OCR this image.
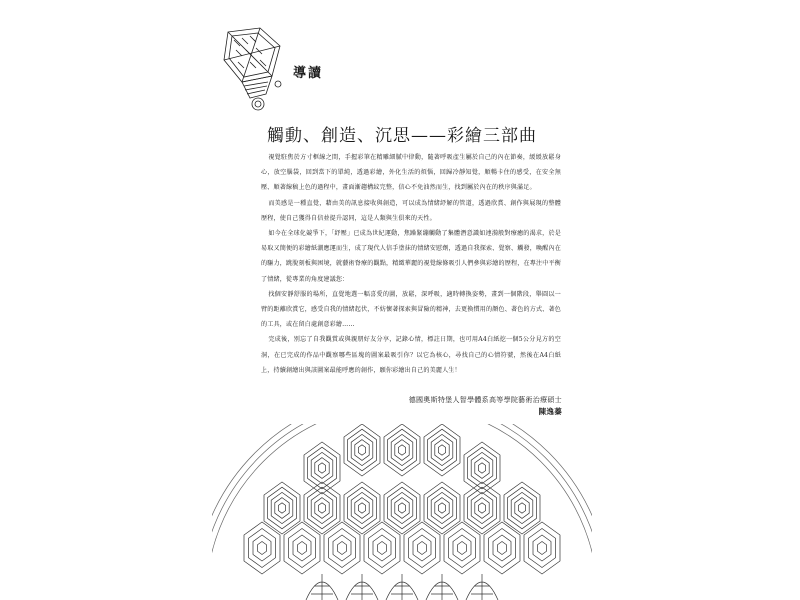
導讀
觸動、創造、沉思——彩繪三部曲

視覺駐焦於方寸框線之間，手握彩筆在精雕細膩中律動，隨著呼吸產生屬於自己的內在節奏，緩緩放鬆身心，放空腦袋，回到當下的單純，透過彩繪，外化生活的煩惱，回歸冷靜知覺，順暢卡住的感受，在安全無壓、順著線稿上色的過程中，畫面漸趨構紋完整，信心不免油然而生，找到屬於內在的秩序與滿足。

而美感是一種直覺，藉由美的訊息接收與創造，可以成為情緒紓解的管道，透過欣賞、創作與展現的整體歷程，使自己獲得自信並提升認同，這是人類與生俱來的天性。

如今在全球化競爭下，「紓壓」已成為世紀運動，焦躁緊繃觸動了集體潛意識如連漪般對療癒的渴求，於是易取又簡便的彩繪紙潮應運而生，成了現代人信手塗抹的情緒安慰劑，透過自我探索、覺察、觸發，喚醒內在的驅力，跳脫刻板與困境，就藝術脊療的觀點，精緻華麗的視覺線條吸引人們參與彩繪的歷程，在專注中平衡了情緒，從專業的角度建議您：

找個安靜舒服的場所，直覺地選一幅喜愛的圖，放鬆，深呼吸，適時轉換姿勢，畫到一個階段，舉圓以一臂的距離欣賞它，感受自我的情緒起伏，不妨懷著探索與冒險的精神，去更換慣用的顏色、著色的方式、著色的工具，或在留白處創意彩繪……

完成後，別忘了自我觀賞或與親朋好友分享，記錄心情，標註日期，也可用A4白紙挖一個5公分見方的空洞，在已完成的作品中觀察哪些區塊的圖案最吸引你？以它為核心，尋找自己的心情符號，然後在A4白紙上，持續創繪出與該圖案最能呼應的創作，願你彩繪出自己的美麗人生！

德國奧斯特堡人智學體系高等學院藝術治療碩士
陳逸蓁
